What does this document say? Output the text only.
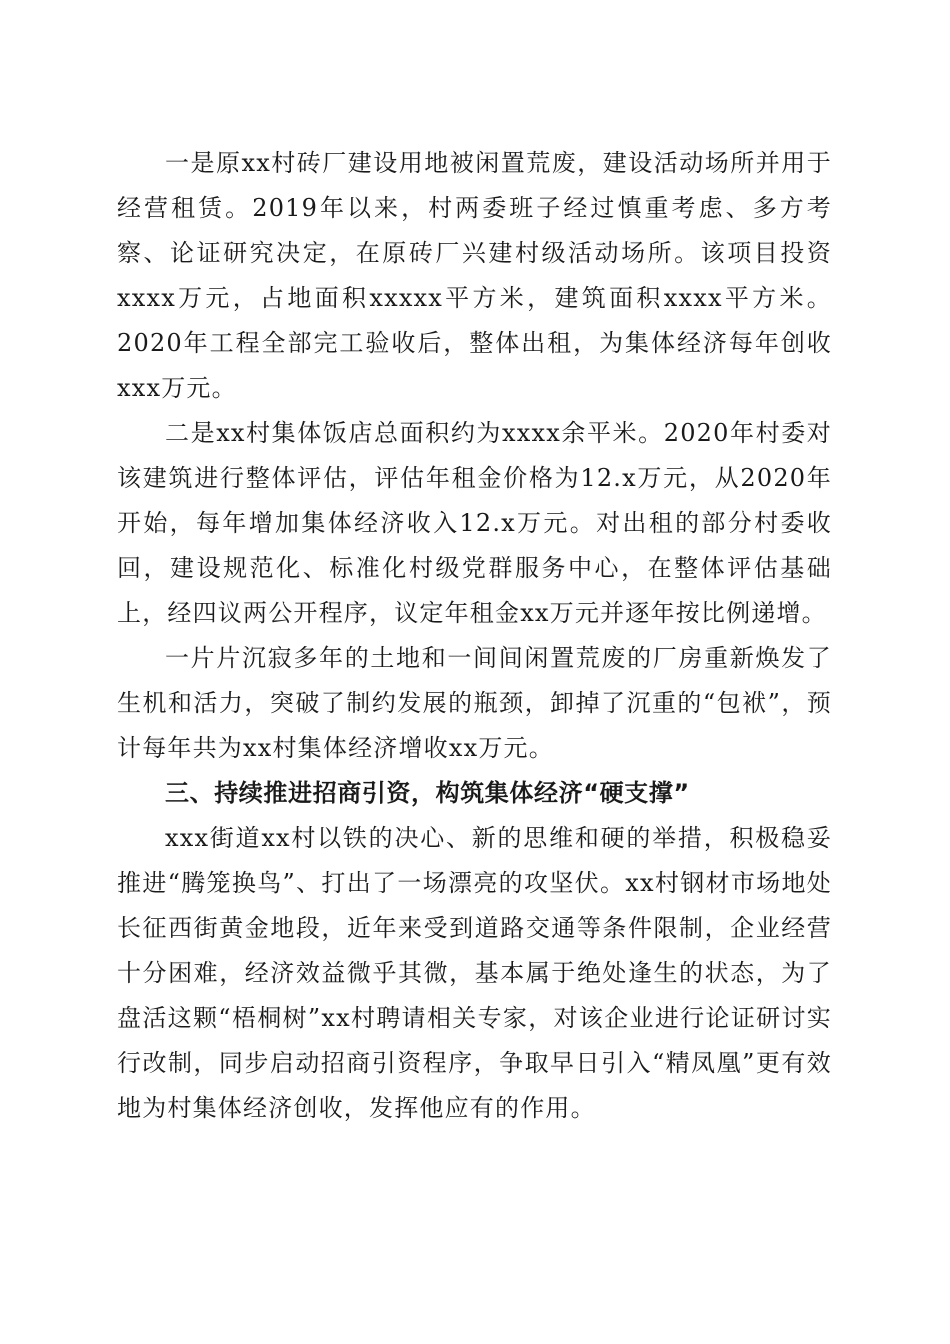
一是原xx村砖厂建设用地被闲置荒废，建设活动场所并用于经营租赁。2019年以来，村两委班子经过慎重考虑、多方考察、论证研究决定，在原砖厂兴建村级活动场所。该项目投资xxxx万元，占地面积xxxxx平方米，建筑面积xxxx平方米。2020年工程全部完工验收后，整体出租，为集体经济每年创收xxx万元。

二是xx村集体饭店总面积约为xxxx余平米。2020年村委对该建筑进行整体评估，评估年租金价格为12.x万元，从2020年开始，每年增加集体经济收入12.x万元。对出租的部分村委收回，建设规范化、标准化村级党群服务中心，在整体评估基础上，经四议两公开程序，议定年租金xx万元并逐年按比例递增。

一片片沉寂多年的土地和一间间闲置荒废的厂房重新焕发了生机和活力，突破了制约发展的瓶颈，卸掉了沉重的“包袱”，预计每年共为xx村集体经济增收xx万元。

三、持续推进招商引资，构筑集体经济“硬支撑”

xxx街道xx村以铁的决心、新的思维和硬的举措，积极稳妥推进“腾笼换鸟”、打出了一场漂亮的攻坚伏。xx村钢材市场地处长征西街黄金地段，近年来受到道路交通等条件限制，企业经营十分困难，经济效益微乎其微，基本属于绝处逢生的状态，为了盘活这颗“梧桐树”xx村聘请相关专家，对该企业进行论证研讨实行改制，同步启动招商引资程序，争取早日引入“精凤凰”更有效地为村集体经济创收，发挥他应有的作用。
